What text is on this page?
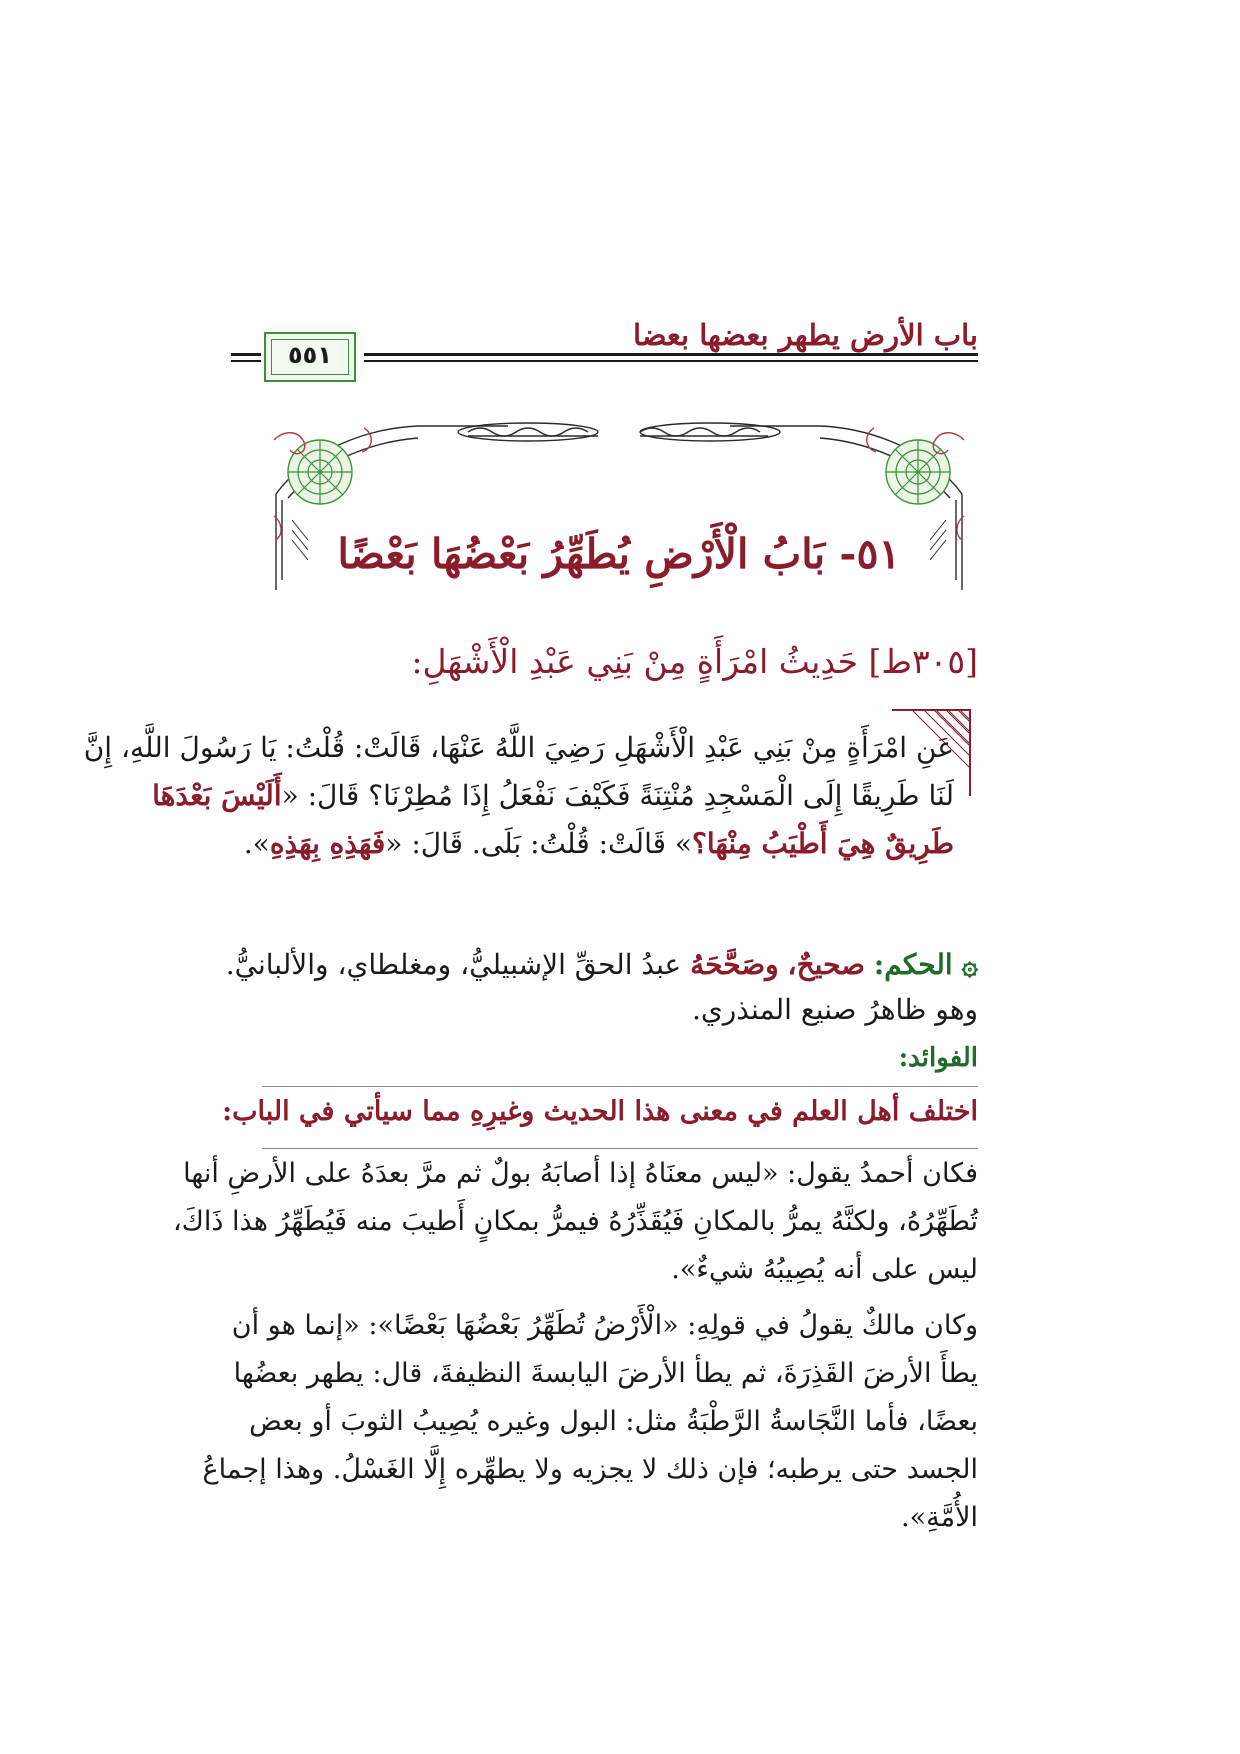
باب الأرض يطهر بعضها بعضا
٥٥١
٥١- بَابُ الْأَرْضِ يُطَهِّرُ بَعْضُهَا بَعْضًا
[٣٠٥ط] حَدِيثُ امْرَأَةٍ مِنْ بَنِي عَبْدِ الْأَشْهَلِ:
عَنِ امْرَأَةٍ مِنْ بَنِي عَبْدِ الْأَشْهَلِ رَضِيَ اللَّهُ عَنْهَا، قَالَتْ: قُلْتُ: يَا رَسُولَ اللَّهِ، إِنَّ
لَنَا طَرِيقًا إِلَى الْمَسْجِدِ مُنْتِنَةً فَكَيْفَ نَفْعَلُ إِذَا مُطِرْنَا؟ قَالَ: «أَلَيْسَ بَعْدَهَا
طَرِيقٌ هِيَ أَطْيَبُ مِنْهَا؟» قَالَتْ: قُلْتُ: بَلَى. قَالَ: «فَهَذِهِ بِهَذِهِ».
۞ الحكم: صحيحٌ، وصَحَّحَهُ عبدُ الحقِّ الإشبيليُّ، ومغلطاي، والألبانيُّ.
وهو ظاهرُ صنيع المنذري.
الفوائد:
اختلف أهل العلم في معنى هذا الحديث وغيرِهِ مما سيأتي في الباب:
فكان أحمدُ يقول: «ليس معنَاهُ إذا أصابَهُ بولٌ ثم مرَّ بعدَهُ على الأرضِ أنها
تُطَهِّرُهُ، ولكنَّهُ يمرُّ بالمكانِ فَيُقَذِّرُهُ فيمرُّ بمكانٍ أَطيبَ منه فَيُطَهِّرُ هذا ذَاكَ،
ليس على أنه يُصِيبُهُ شيءٌ».
وكان مالكٌ يقولُ في قولِهِ: «الْأَرْضُ تُطَهِّرُ بَعْضُهَا بَعْضًا»: «إنما هو أن
يطأَ الأرضَ القَذِرَةَ، ثم يطأ الأرضَ اليابسةَ النظيفةَ، قال: يطهر بعضُها
بعضًا، فأما النَّجَاسةُ الرَّطْبَةُ مثل: البول وغيره يُصِيبُ الثوبَ أو بعض
الجسد حتى يرطبه؛ فإن ذلك لا يجزيه ولا يطهِّره إِلَّا الغَسْلُ. وهذا إجماعُ
الأُمَّةِ».
